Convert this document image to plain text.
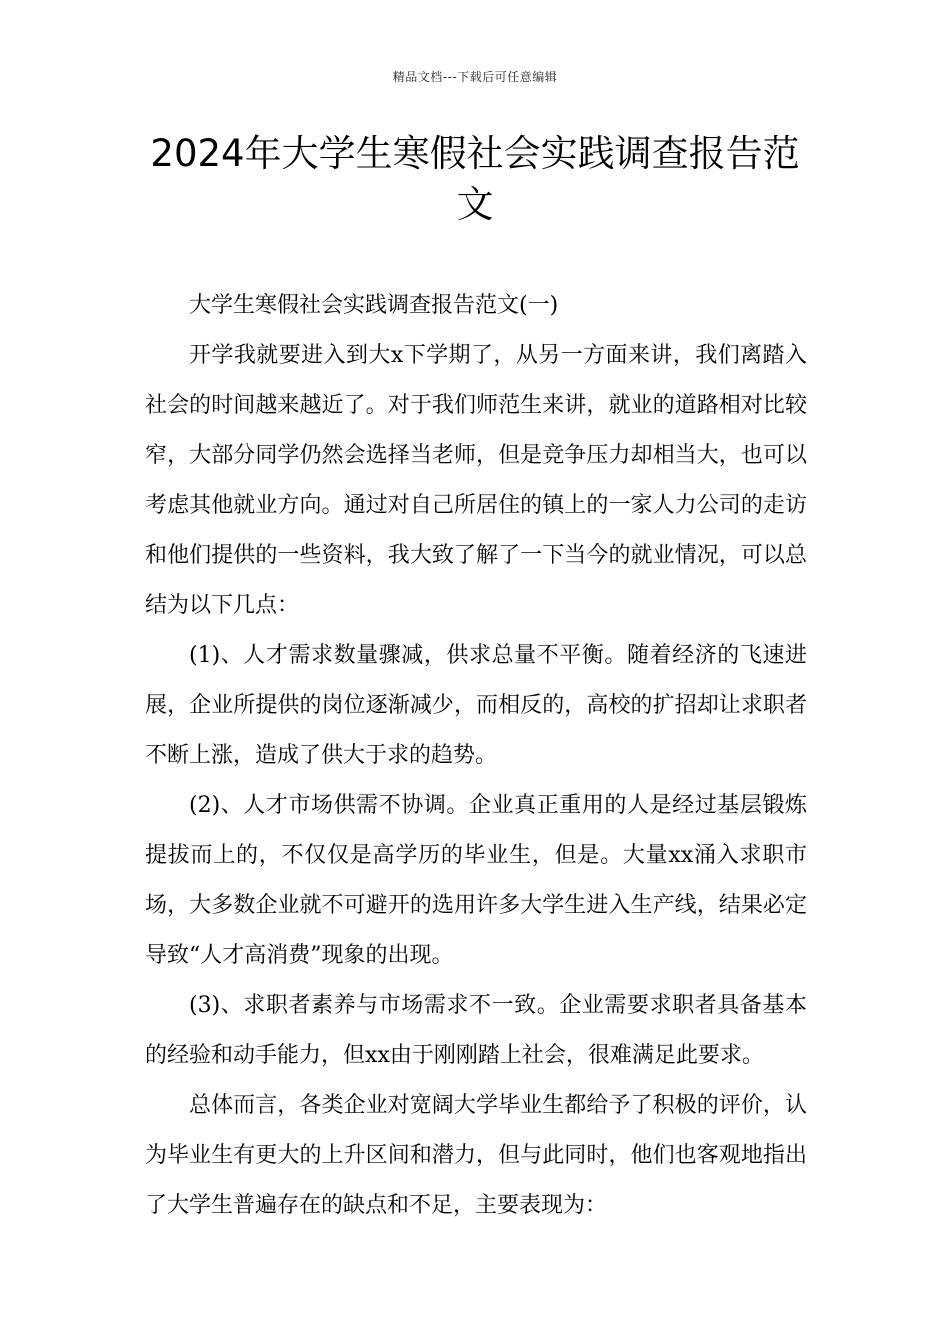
精品文档---下载后可任意编辑
2024年大学生寒假社会实践调查报告范文

大学生寒假社会实践调查报告范文(一)

开学我就要进入到大x下学期了，从另一方面来讲，我们离踏入社会的时间越来越近了。对于我们师范生来讲，就业的道路相对比较窄，大部分同学仍然会选择当老师，但是竞争压力却相当大，也可以考虑其他就业方向。通过对自己所居住的镇上的一家人力公司的走访和他们提供的一些资料，我大致了解了一下当今的就业情况，可以总结为以下几点：

(1)、人才需求数量骤减，供求总量不平衡。随着经济的飞速进展，企业所提供的岗位逐渐减少，而相反的，高校的扩招却让求职者不断上涨，造成了供大于求的趋势。

(2)、人才市场供需不协调。企业真正重用的人是经过基层锻炼提拔而上的，不仅仅是高学历的毕业生，但是。大量xx涌入求职市场，大多数企业就不可避开的选用许多大学生进入生产线，结果必定导致“人才高消费”现象的出现。

(3)、求职者素养与市场需求不一致。企业需要求职者具备基本的经验和动手能力，但xx由于刚刚踏上社会，很难满足此要求。

总体而言，各类企业对宽阔大学毕业生都给予了积极的评价，认为毕业生有更大的上升区间和潜力，但与此同时，他们也客观地指出了大学生普遍存在的缺点和不足，主要表现为：
